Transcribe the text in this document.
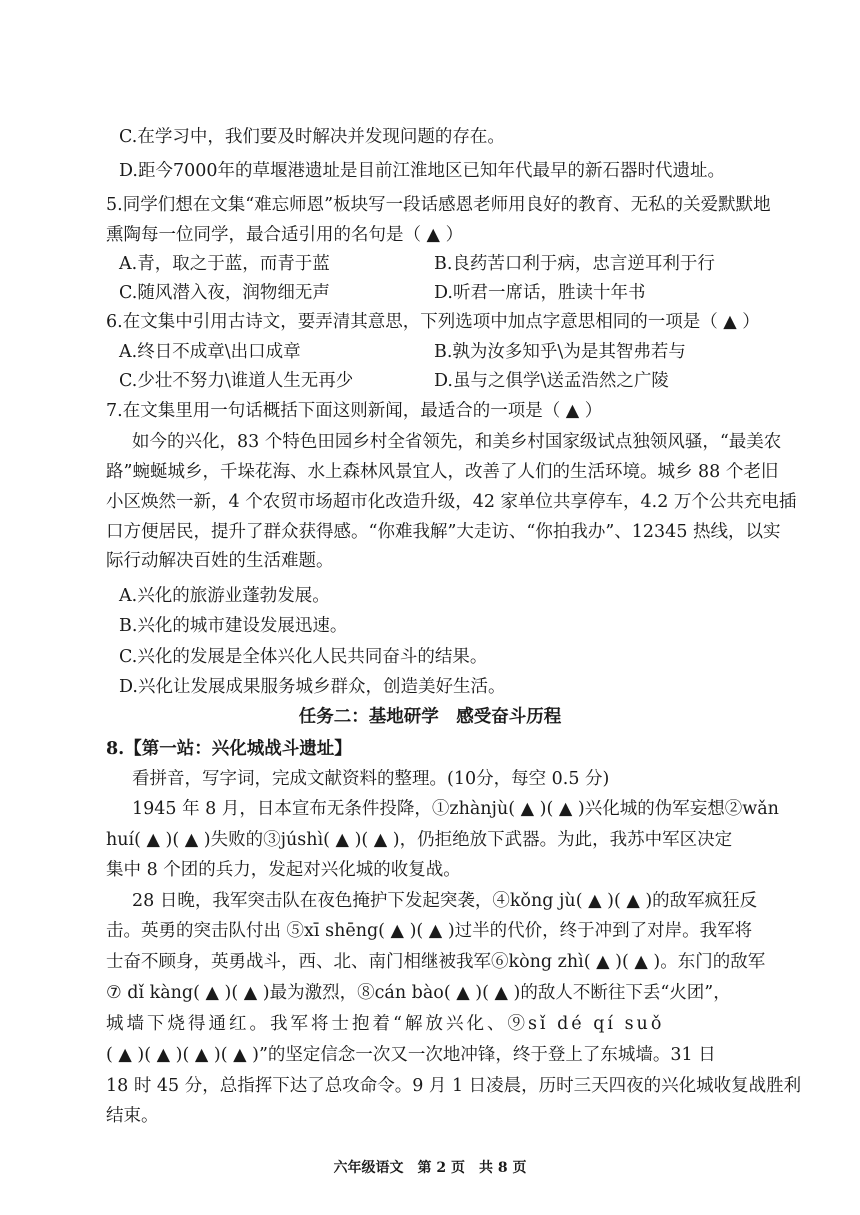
C.在学习中，我们要及时解决并发现问题的存在。
D.距今7000年的草堰港遗址是目前江淮地区已知年代最早的新石器时代遗址。
5.同学们想在文集“难忘师恩”板块写一段话感恩老师用良好的教育、无私的关爱默默地
熏陶每一位同学，最合适引用的名句是（ ▲ ）
A.青，取之于蓝，而青于蓝	B.良药苦口利于病，忠言逆耳利于行
C.随风潜入夜，润物细无声	D.听君一席话，胜读十年书
6.在文集中引用古诗文，要弄清其意思，下列选项中加点字意思相同的一项是（ ▲ ）
A.终日不成章\出口成章	B.孰为汝多知乎\为是其智弗若与
C.少壮不努力\谁道人生无再少	D.虽与之俱学\送孟浩然之广陵
7.在文集里用一句话概括下面这则新闻，最适合的一项是（ ▲ ）
如今的兴化，83 个特色田园乡村全省领先，和美乡村国家级试点独领风骚，“最美农
路”蜿蜒城乡，千垛花海、水上森林风景宜人，改善了人们的生活环境。城乡 88 个老旧
小区焕然一新，4 个农贸市场超市化改造升级，42 家单位共享停车，4.2 万个公共充电插
口方便居民，提升了群众获得感。“你难我解”大走访、“你拍我办”、12345 热线，以实
际行动解决百姓的生活难题。
A.兴化的旅游业蓬勃发展。
B.兴化的城市建设发展迅速。
C.兴化的发展是全体兴化人民共同奋斗的结果。
D.兴化让发展成果服务城乡群众，创造美好生活。
任务二：基地研学　感受奋斗历程
8.【第一站：兴化城战斗遗址】
看拼音，写字词，完成文献资料的整理。(10分，每空 0.5 分)
1945 年 8 月，日本宣布无条件投降，①zhànjù( ▲ )( ▲ )兴化城的伪军妄想②wǎn
huí( ▲ )( ▲ )失败的③júshì( ▲ )( ▲ )，仍拒绝放下武器。为此，我苏中军区决定
集中 8 个团的兵力，发起对兴化城的收复战。
28 日晚，我军突击队在夜色掩护下发起突袭，④kǒng jù( ▲ )( ▲ )的敌军疯狂反
击。英勇的突击队付出 ⑤xī shēng( ▲ )( ▲ )过半的代价，终于冲到了对岸。我军将
士奋不顾身，英勇战斗，西、北、南门相继被我军⑥kòng zhì( ▲ )( ▲ )。东门的敌军
⑦ dǐ kàng( ▲ )( ▲ )最为激烈，⑧cán bào( ▲ )( ▲ )的敌人不断往下丢“火团”，
城墙下烧得通红。我军将士抱着“解放兴化、⑨sǐ dé qí suǒ
( ▲ )( ▲ )( ▲ )( ▲ )”的坚定信念一次又一次地冲锋，终于登上了东城墙。31 日
18 时 45 分，总指挥下达了总攻命令。9 月 1 日凌晨，历时三天四夜的兴化城收复战胜利
结束。
六年级语文　第 2 页　共 8 页
